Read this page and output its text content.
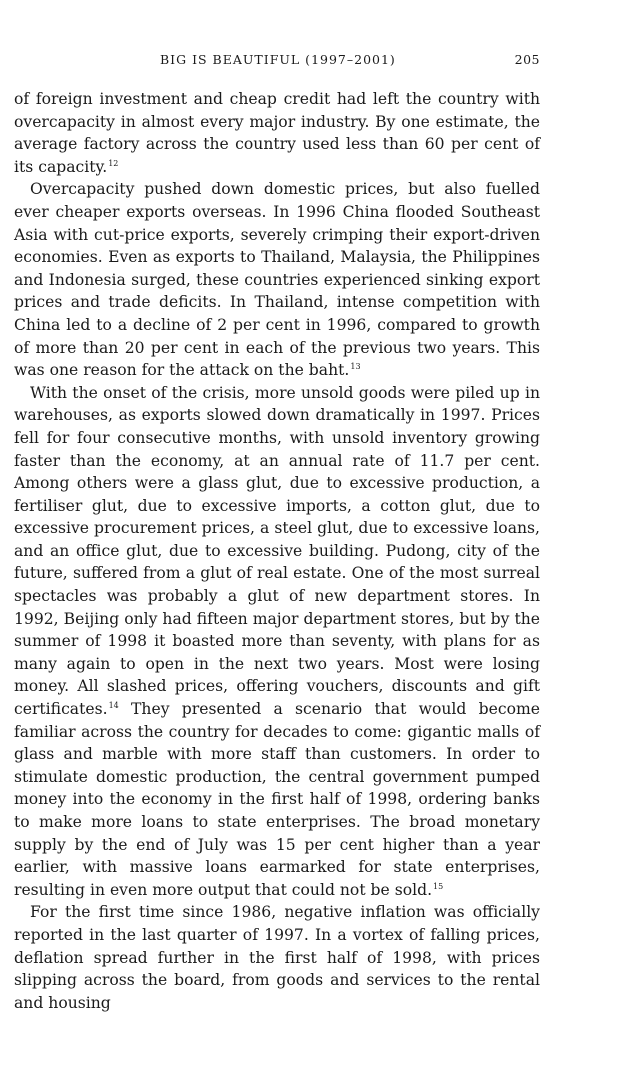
BIG IS BEAUTIFUL (1997–2001)	205

of foreign investment and cheap credit had left the country with overcapacity in almost every major industry. By one estimate, the average factory across the country used less than 60 per cent of its capacity.$^{12}$

Overcapacity pushed down domestic prices, but also fuelled ever cheaper exports overseas. In 1996 China flooded Southeast Asia with cut-price exports, severely crimping their export-driven economies. Even as exports to Thailand, Malaysia, the Philippines and Indonesia surged, these countries experienced sinking export prices and trade deficits. In Thailand, intense competition with China led to a decline of 2 per cent in 1996, compared to growth of more than 20 per cent in each of the previous two years. This was one reason for the attack on the baht.$^{13}$

With the onset of the crisis, more unsold goods were piled up in warehouses, as exports slowed down dramatically in 1997. Prices fell for four consecutive months, with unsold inventory growing faster than the economy, at an annual rate of 11.7 per cent. Among others were a glass glut, due to excessive production, a fertiliser glut, due to excessive imports, a cotton glut, due to excessive procurement prices, a steel glut, due to excessive loans, and an office glut, due to excessive building. Pudong, city of the future, suffered from a glut of real estate. One of the most surreal spectacles was probably a glut of new department stores. In 1992, Beijing only had fifteen major department stores, but by the summer of 1998 it boasted more than seventy, with plans for as many again to open in the next two years. Most were losing money. All slashed prices, offering vouchers, discounts and gift certificates.$^{14}$ They presented a scenario that would become familiar across the country for decades to come: gigantic malls of glass and marble with more staff than customers. In order to stimulate domestic production, the central government pumped money into the economy in the first half of 1998, ordering banks to make more loans to state enterprises. The broad monetary supply by the end of July was 15 per cent higher than a year earlier, with massive loans earmarked for state enterprises, resulting in even more output that could not be sold.$^{15}$

For the first time since 1986, negative inflation was officially reported in the last quarter of 1997. In a vortex of falling prices, deflation spread further in the first half of 1998, with prices slipping across the board, from goods and services to the rental and housing
